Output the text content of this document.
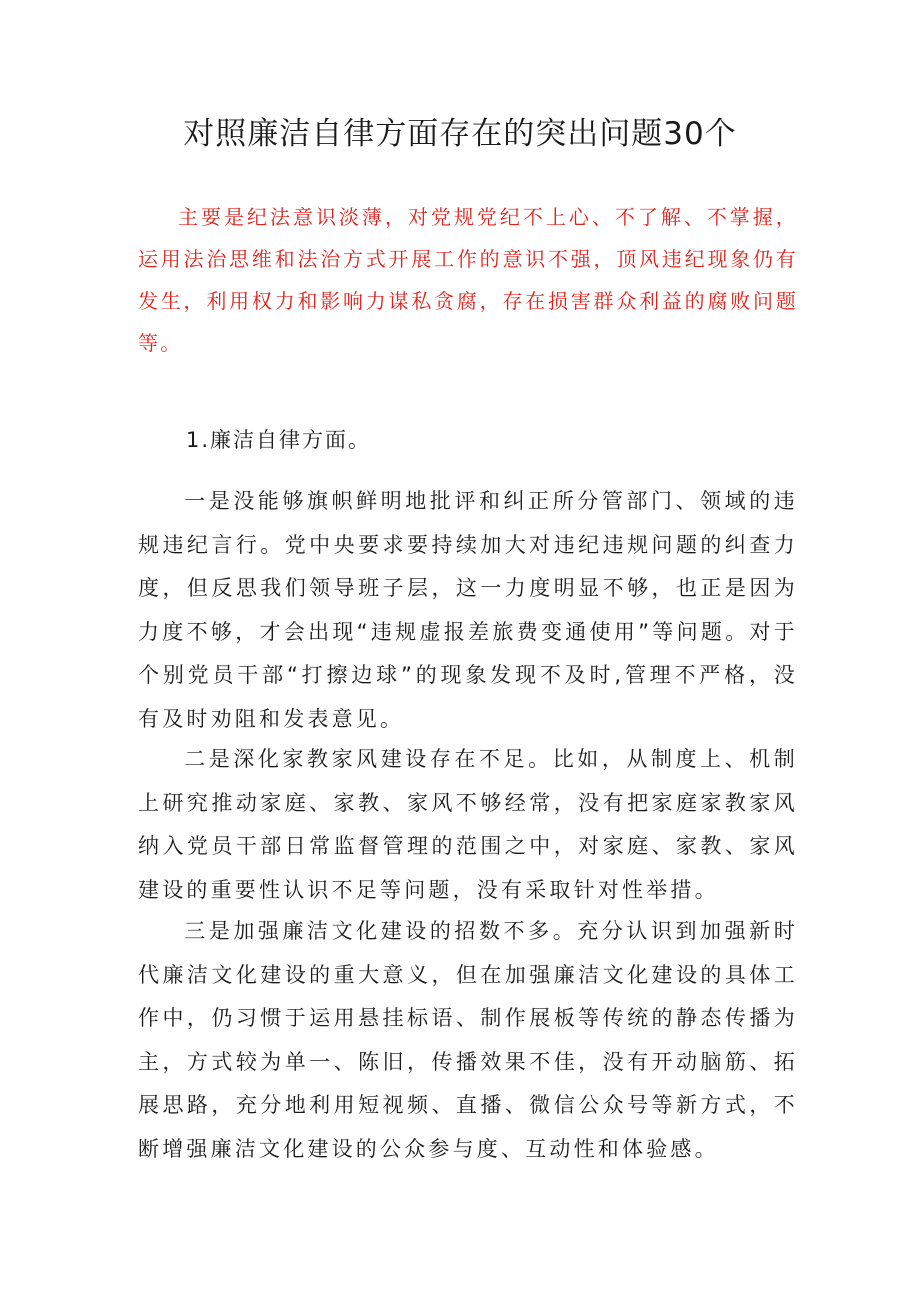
对照廉洁自律方面存在的突出问题30个
主要是纪法意识淡薄，对党规党纪不上心、不了解、不掌握，运用法治思维和法治方式开展工作的意识不强，顶风违纪现象仍有发生，利用权力和影响力谋私贪腐，存在损害群众利益的腐败问题等。
1.廉洁自律方面。
一是没能够旗帜鲜明地批评和纠正所分管部门、领域的违规违纪言行。党中央要求要持续加大对违纪违规问题的纠查力度，但反思我们领导班子层，这一力度明显不够，也正是因为力度不够，才会出现“违规虚报差旅费变通使用”等问题。对于个别党员干部“打擦边球”的现象发现不及时,管理不严格，没有及时劝阻和发表意见。
二是深化家教家风建设存在不足。比如，从制度上、机制上研究推动家庭、家教、家风不够经常，没有把家庭家教家风纳入党员干部日常监督管理的范围之中，对家庭、家教、家风建设的重要性认识不足等问题，没有采取针对性举措。
三是加强廉洁文化建设的招数不多。充分认识到加强新时代廉洁文化建设的重大意义，但在加强廉洁文化建设的具体工作中，仍习惯于运用悬挂标语、制作展板等传统的静态传播为主，方式较为单一、陈旧，传播效果不佳，没有开动脑筋、拓展思路，充分地利用短视频、直播、微信公众号等新方式，不断增强廉洁文化建设的公众参与度、互动性和体验感。
